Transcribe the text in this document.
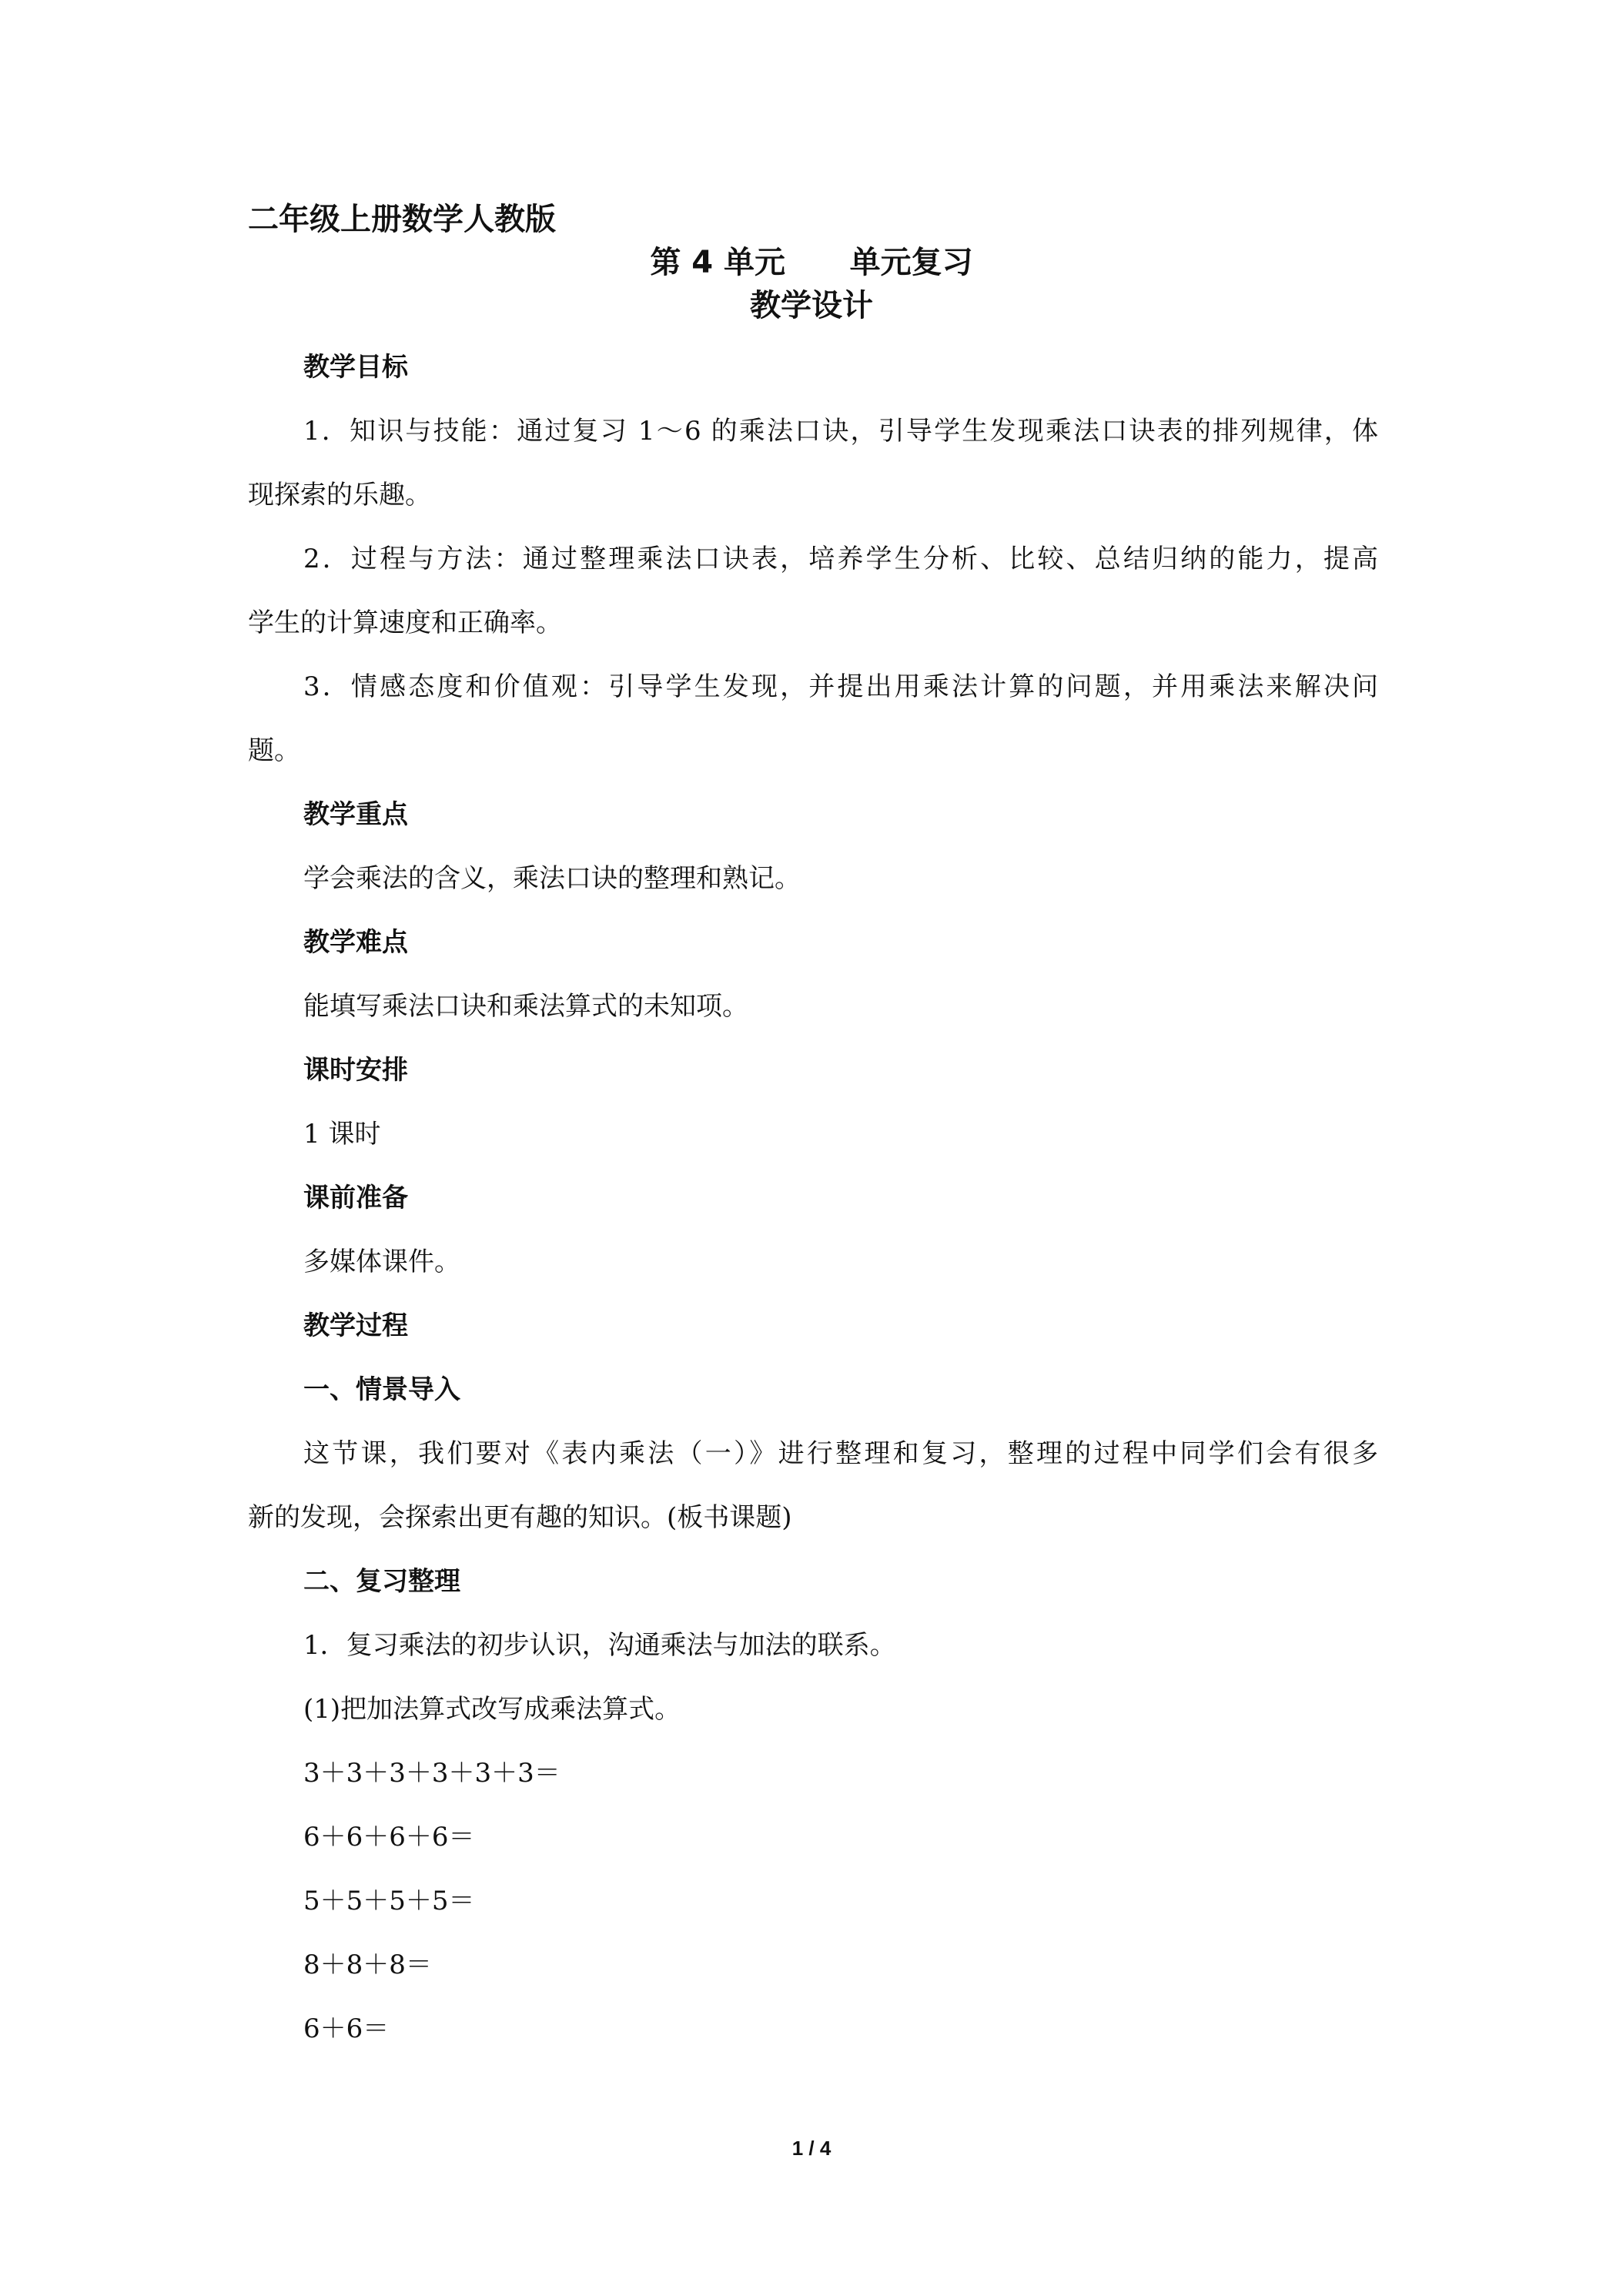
二年级上册数学人教版
第 4 单元      单元复习
教学设计
教学目标
1．知识与技能：通过复习 1～6 的乘法口诀，引导学生发现乘法口诀表的排列规律，体
现探索的乐趣。
2．过程与方法：通过整理乘法口诀表，培养学生分析、比较、总结归纳的能力，提高
学生的计算速度和正确率。
3．情感态度和价值观：引导学生发现，并提出用乘法计算的问题，并用乘法来解决问
题。
教学重点
学会乘法的含义，乘法口诀的整理和熟记。
教学难点
能填写乘法口诀和乘法算式的未知项。
课时安排
1 课时
课前准备
多媒体课件。
教学过程
一、情景导入
这节课，我们要对《表内乘法（一）》进行整理和复习，整理的过程中同学们会有很多
新的发现，会探索出更有趣的知识。(板书课题)
二、复习整理
1．复习乘法的初步认识，沟通乘法与加法的联系。
(1)把加法算式改写成乘法算式。
3＋3＋3＋3＋3＋3＝
6＋6＋6＋6＝
5＋5＋5＋5＝
8＋8＋8＝
6＋6＝
1 / 4
